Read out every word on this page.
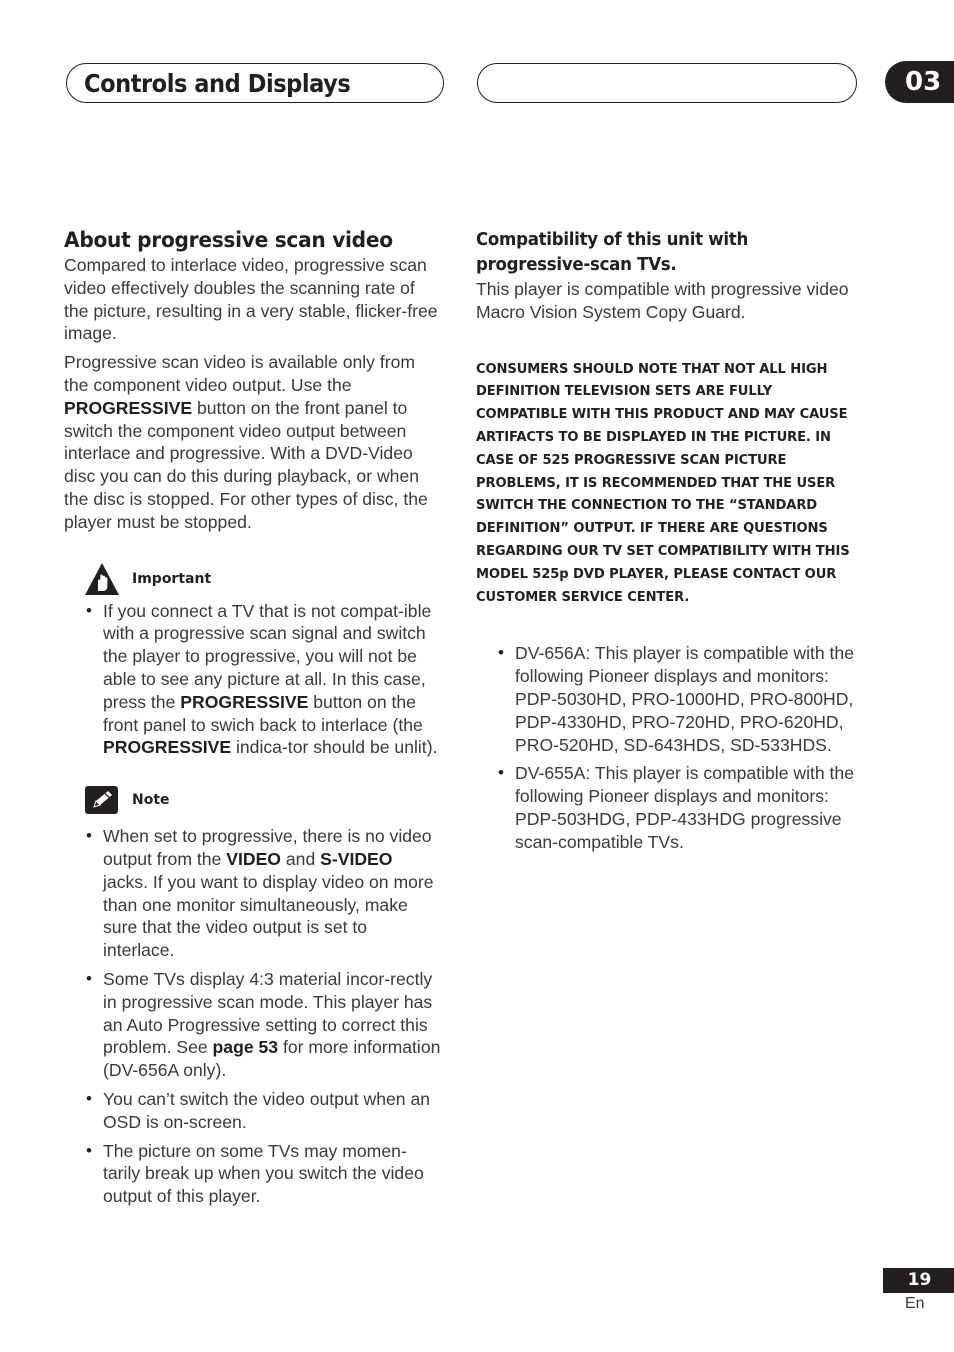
Controls and Displays	03
About progressive scan video
Compared to interlace video, progressive scan video effectively doubles the scanning rate of the picture, resulting in a very stable, flicker-free image.
Progressive scan video is available only from the component video output. Use the PROGRESSIVE button on the front panel to switch the component video output between interlace and progressive. With a DVD-Video disc you can do this during playback, or when the disc is stopped. For other types of disc, the player must be stopped.
Important
• If you connect a TV that is not compat-ible with a progressive scan signal and switch the player to progressive, you will not be able to see any picture at all. In this case, press the PROGRESSIVE button on the front panel to swich back to interlace (the PROGRESSIVE indica-tor should be unlit).
Note
• When set to progressive, there is no video output from the VIDEO and S-VIDEO jacks. If you want to display video on more than one monitor simultaneously, make sure that the video output is set to interlace.
• Some TVs display 4:3 material incor-rectly in progressive scan mode. This player has an Auto Progressive setting to correct this problem. See page 53 for more information (DV-656A only).
• You can’t switch the video output when an OSD is on-screen.
• The picture on some TVs may momen-tarily break up when you switch the video output of this player.
Compatibility of this unit with progressive-scan TVs.
This player is compatible with progressive video Macro Vision System Copy Guard.
CONSUMERS SHOULD NOTE THAT NOT ALL HIGH DEFINITION TELEVISION SETS ARE FULLY COMPATIBLE WITH THIS PRODUCT AND MAY CAUSE ARTIFACTS TO BE DISPLAYED IN THE PICTURE. IN CASE OF 525 PROGRESSIVE SCAN PICTURE PROBLEMS, IT IS RECOMMENDED THAT THE USER SWITCH THE CONNECTION TO THE “STANDARD DEFINITION” OUTPUT. IF THERE ARE QUESTIONS REGARDING OUR TV SET COMPATIBILITY WITH THIS MODEL 525p DVD PLAYER, PLEASE CONTACT OUR CUSTOMER SERVICE CENTER.
• DV-656A: This player is compatible with the following Pioneer displays and monitors: PDP-5030HD, PRO-1000HD, PRO-800HD, PDP-4330HD, PRO-720HD, PRO-620HD, PRO-520HD, SD-643HDS, SD-533HDS.
• DV-655A: This player is compatible with the following Pioneer displays and monitors: PDP-503HDG, PDP-433HDG progressive scan-compatible TVs.
19
En
